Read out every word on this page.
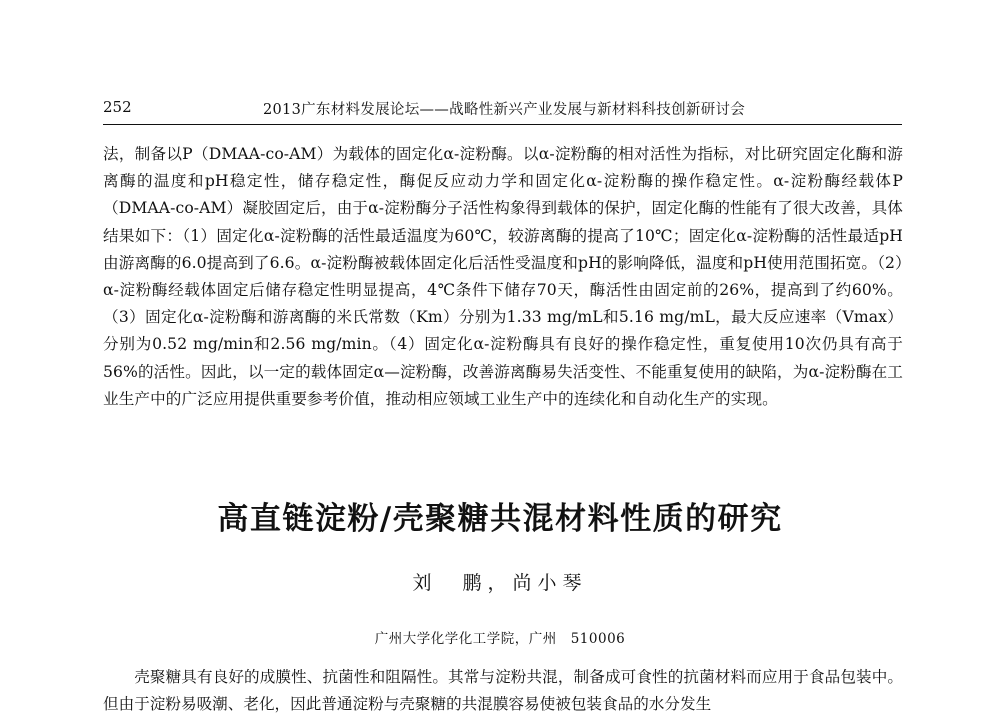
252	2013广东材料发展论坛——战略性新兴产业发展与新材料科技创新研讨会

法，制备以P（DMAA-co-AM）为载体的固定化α-淀粉酶。以α-淀粉酶的相对活性为指标，对比研究固定化酶和游离酶的温度和pH稳定性，储存稳定性，酶促反应动力学和固定化α-淀粉酶的操作稳定性。α-淀粉酶经载体P（DMAA-co-AM）凝胶固定后，由于α-淀粉酶分子活性构象得到载体的保护，固定化酶的性能有了很大改善，具体结果如下：（1）固定化α-淀粉酶的活性最适温度为60℃，较游离酶的提高了10℃；固定化α-淀粉酶的活性最适pH由游离酶的6.0提高到了6.6。α-淀粉酶被载体固定化后活性受温度和pH的影响降低，温度和pH使用范围拓宽。（2）α-淀粉酶经载体固定后储存稳定性明显提高，4℃条件下储存70天，酶活性由固定前的26%，提高到了约60%。（3）固定化α-淀粉酶和游离酶的米氏常数（Km）分别为1.33 mg/mL和5.16 mg/mL，最大反应速率（Vmax）分别为0.52 mg/min和2.56 mg/min。（4）固定化α-淀粉酶具有良好的操作稳定性，重复使用10次仍具有高于56%的活性。因此，以一定的载体固定α—淀粉酶，改善游离酶易失活变性、不能重复使用的缺陷，为α-淀粉酶在工业生产中的广泛应用提供重要参考价值，推动相应领域工业生产中的连续化和自动化生产的实现。

高直链淀粉/壳聚糖共混材料性质的研究
刘　鹏，尚小琴
广州大学化学化工学院，广州　510006

壳聚糖具有良好的成膜性、抗菌性和阻隔性。其常与淀粉共混，制备成可食性的抗菌材料而应用于食品包装中。但由于淀粉易吸潮、老化，因此普通淀粉与壳聚糖的共混膜容易使被包装食品的水分发生
